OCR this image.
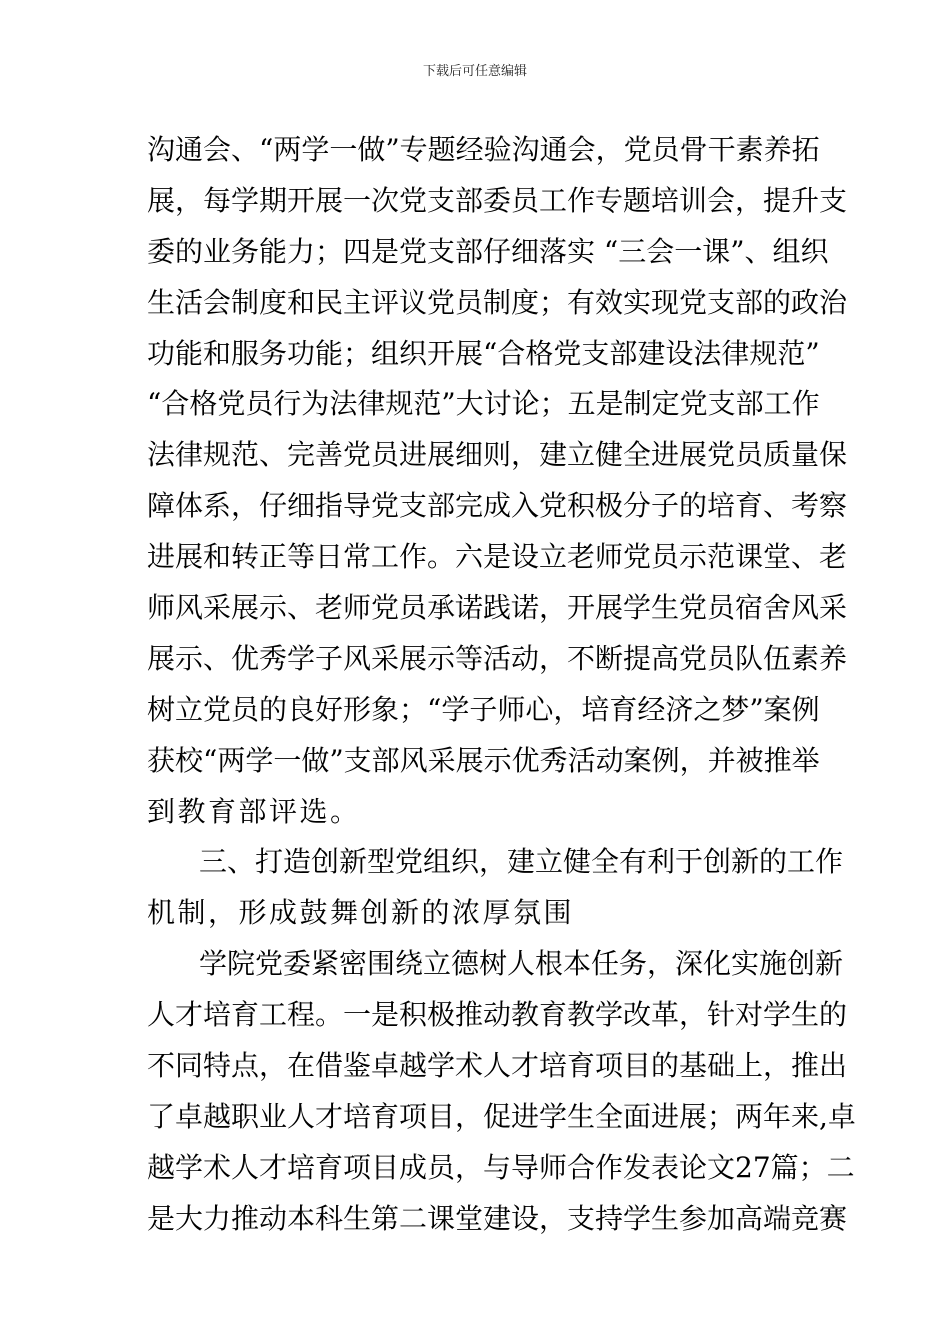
下载后可任意编辑
沟通会、“两学一做”专题经验沟通会，党员骨干素养拓
展，每学期开展一次党支部委员工作专题培训会，提升支
委的业务能力；四是党支部仔细落实 “三会一课”、组织
生活会制度和民主评议党员制度；有效实现党支部的政治
功能和服务功能；组织开展“合格党支部建设法律规范”
“合格党员行为法律规范”大讨论；五是制定党支部工作
法律规范、完善党员进展细则，建立健全进展党员质量保
障体系，仔细指导党支部完成入党积极分子的培育、考察
进展和转正等日常工作。六是设立老师党员示范课堂、老
师风采展示、老师党员承诺践诺，开展学生党员宿舍风采
展示、优秀学子风采展示等活动，不断提高党员队伍素养
树立党员的良好形象；“学子师心，培育经济之梦”案例
获校“两学一做”支部风采展示优秀活动案例，并被推举
到教育部评选。
三、打造创新型党组织，建立健全有利于创新的工作
机制，形成鼓舞创新的浓厚氛围
学院党委紧密围绕立德树人根本任务，深化实施创新
人才培育工程。一是积极推动教育教学改革，针对学生的
不同特点，在借鉴卓越学术人才培育项目的基础上，推出
了卓越职业人才培育项目，促进学生全面进展；两年来,卓
越学术人才培育项目成员，与导师合作发表论文27篇；二
是大力推动本科生第二课堂建设，支持学生参加高端竞赛
